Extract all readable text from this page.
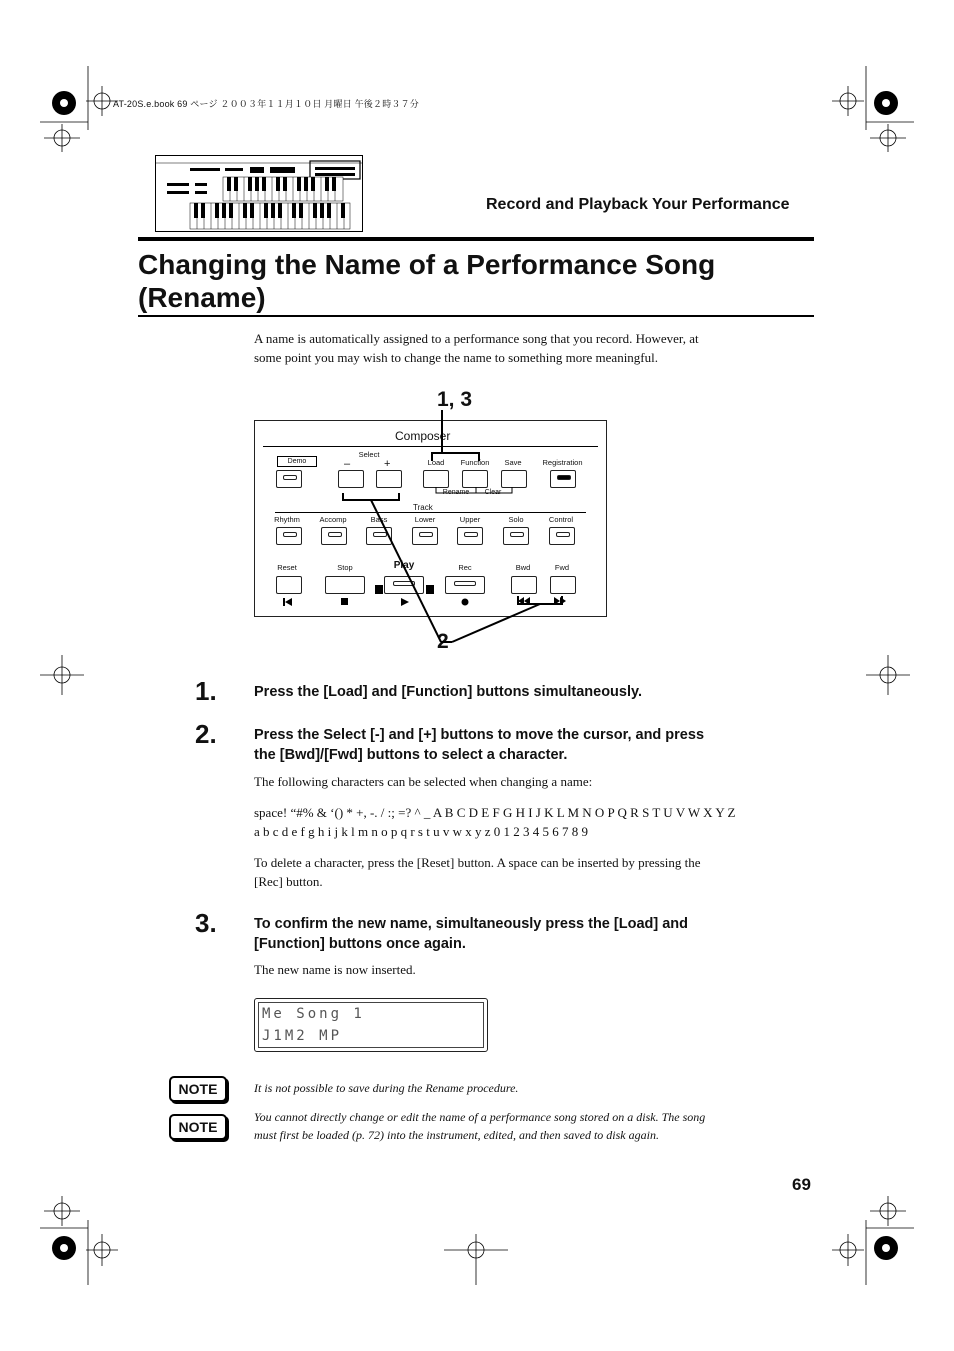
AT-20S.e.book 69 ページ ２００３年１１月１０日 月曜日 午後２時３７分
Record and Playback Your Performance
Changing the Name of a Performance Song
(Rename)
A name is automatically assigned to a performance song that you record. However, at
some point you may wish to change the name to something more meaningful.
1, 3
2
Composer
Demo
Select
–	+	Load	Function	Save	Registration
Rename	Clear
Track
Rhythm	Accomp	Bass	Lower	Upper	Solo	Control
Reset	Stop	Play	Rec	Bwd	Fwd
1.	Press the [Load] and [Function] buttons simultaneously.
2.	Press the Select [-] and [+] buttons to move the cursor, and press
the [Bwd]/[Fwd] buttons to select a character.
The following characters can be selected when changing a name:
space! “#% & ‘() * +, -. / :; =? ^ _ A B C D E F G H I J K L M N O P Q R S T U V W X Y Z
a b c d e f g h i j k l m n o p q r s t u v w x y z 0 1 2 3 4 5 6 7 8 9
To delete a character, press the [Reset] button. A space can be inserted by pressing the
[Rec] button.
3.	To confirm the new name, simultaneously press the [Load] and
[Function] buttons once again.
The new name is now inserted.
Me Song 1
J1M2 MP
NOTE	It is not possible to save during the Rename procedure.
NOTE
You cannot directly change or edit the name of a performance song stored on a disk. The song
must first be loaded (p. 72) into the instrument, edited, and then saved to disk again.
69
